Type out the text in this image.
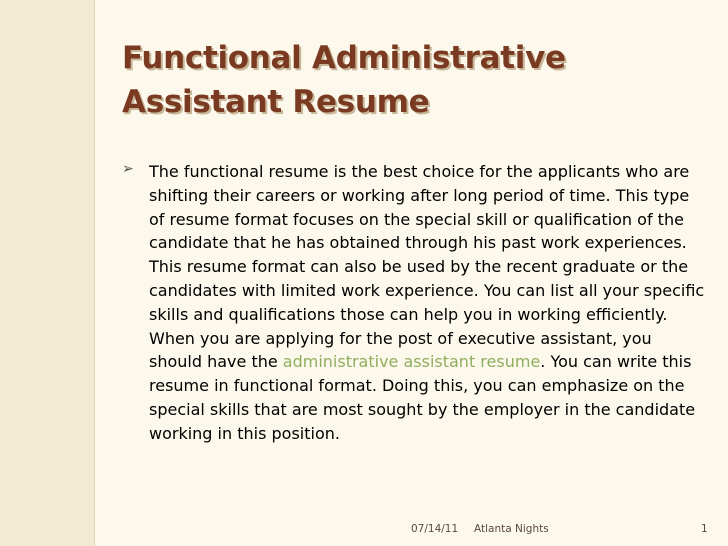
Functional Administrative
Assistant Resume
➢ The functional resume is the best choice for the applicants who are shifting their careers or working after long period of time. This type of resume format focuses on the special skill or qualification of the candidate that he has obtained through his past work experiences. This resume format can also be used by the recent graduate or the candidates with limited work experience. You can list all your specific skills and qualifications those can help you in working efficiently. When you are applying for the post of executive assistant, you should have the administrative assistant resume. You can write this resume in functional format. Doing this, you can emphasize on the special skills that are most sought by the employer in the candidate working in this position.

07/14/11 Atlanta Nights	1
